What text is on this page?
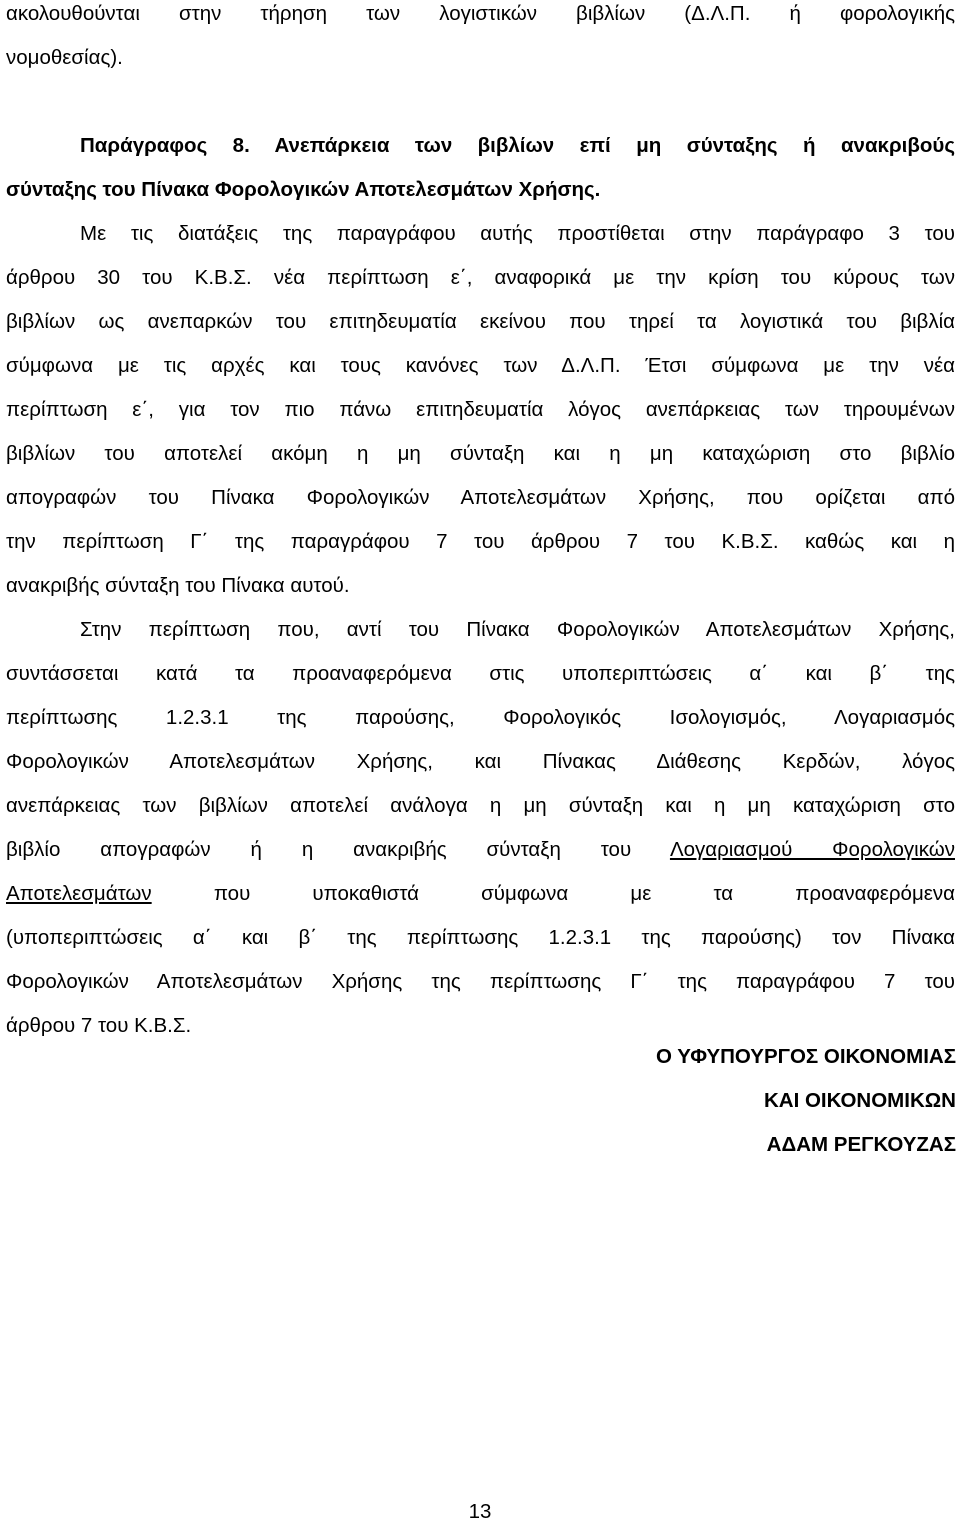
ακολουθούνται στην τήρηση των λογιστικών βιβλίων (Δ.Λ.Π. ή φορολογικής
νομοθεσίας).
Παράγραφος 8. Ανεπάρκεια των βιβλίων επί μη σύνταξης ή ανακριβούς
σύνταξης του Πίνακα Φορολογικών Αποτελεσμάτων Χρήσης.
Με τις διατάξεις της παραγράφου αυτής προστίθεται στην παράγραφο 3 του
άρθρου 30 του Κ.Β.Σ. νέα περίπτωση ε΄, αναφορικά με την κρίση του κύρους των
βιβλίων ως ανεπαρκών του επιτηδευματία εκείνου που τηρεί τα λογιστικά του βιβλία
σύμφωνα με τις αρχές και τους κανόνες των Δ.Λ.Π. Έτσι σύμφωνα με την νέα
περίπτωση ε΄, για τον πιο πάνω επιτηδευματία λόγος ανεπάρκειας των τηρουμένων
βιβλίων του αποτελεί ακόμη η μη σύνταξη και η μη καταχώριση στο βιβλίο
απογραφών του Πίνακα Φορολογικών Αποτελεσμάτων Χρήσης, που ορίζεται από
την περίπτωση Γ΄ της παραγράφου 7 του άρθρου 7 του Κ.Β.Σ. καθώς και η
ανακριβής σύνταξη του Πίνακα αυτού.
Στην περίπτωση που, αντί του Πίνακα Φορολογικών Αποτελεσμάτων Χρήσης,
συντάσσεται κατά τα προαναφερόμενα στις υποπεριπτώσεις α΄ και β΄ της
περίπτωσης 1.2.3.1 της παρούσης, Φορολογικός Ισολογισμός, Λογαριασμός
Φορολογικών Αποτελεσμάτων Χρήσης, και Πίνακας Διάθεσης Κερδών, λόγος
ανεπάρκειας των βιβλίων αποτελεί ανάλογα η μη σύνταξη και η μη καταχώριση στο
βιβλίο απογραφών ή η ανακριβής σύνταξη του Λογαριασμού Φορολογικών
Αποτελεσμάτων	που υποκαθιστά σύμφωνα με τα προαναφερόμενα
(υποπεριπτώσεις α΄ και β΄ της περίπτωσης 1.2.3.1 της παρούσης) τον Πίνακα
Φορολογικών Αποτελεσμάτων Χρήσης της περίπτωσης Γ΄ της παραγράφου 7 του
άρθρου 7 του Κ.Β.Σ.
Ο ΥΦΥΠΟΥΡΓΟΣ ΟΙΚΟΝΟΜΙΑΣ
ΚΑΙ ΟΙΚΟΝΟΜΙΚΩΝ
ΑΔΑΜ ΡΕΓΚΟΥΖΑΣ
13
